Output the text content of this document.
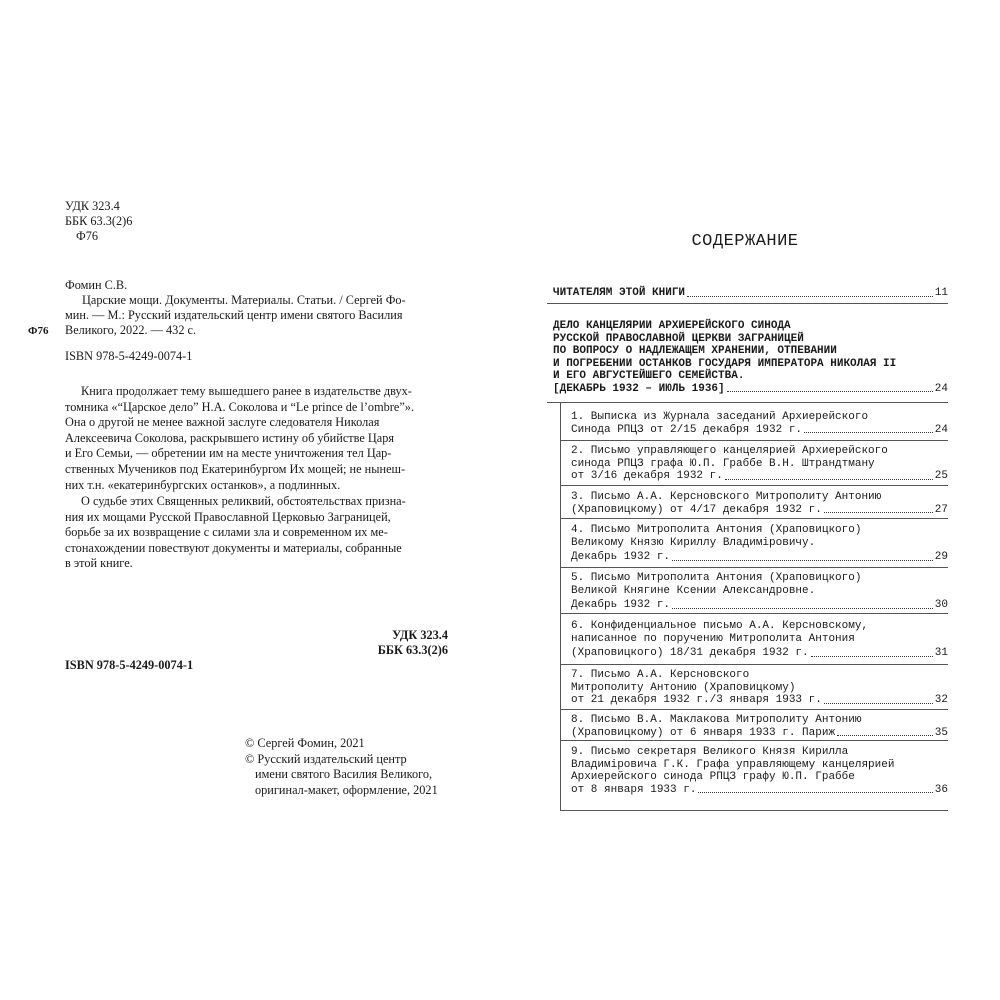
УДК 323.4
ББК 63.3(2)6
Ф76
Фомин С.В.
Царские мощи. Документы. Материалы. Статьи. / Сергей Фо-
мин. — М.: Русский издательский центр имени святого Василия
Великого, 2022. — 432 с.
Ф76
ISBN 978-5-4249-0074-1
Книга продолжает тему вышедшего ранее в издательстве двух-
томника «“Царское дело” Н.А. Соколова и “Le prince de l’ombre”».
Она о другой не менее важной заслуге следователя Николая
Алексеевича Соколова, раскрывшего истину об убийстве Царя
и Его Семьи, — обретении им на месте уничтожения тел Цар-
ственных Мучеников под Екатеринбургом Их мощей; не нынеш-
них т.н. «екатеринбургских останков», а подлинных.
О судьбе этих Священных реликвий, обстоятельствах призна-
ния их мощами Русской Православной Церковью Заграницей,
борьбе за их возвращение с силами зла и современном их ме-
стонахождении повествуют документы и материалы, собранные
в этой книге.
УДК 323.4
ББК 63.3(2)6
ISBN 978-5-4249-0074-1
© Сергей Фомин, 2021
© Русский издательский центр
имени святого Василия Великого,
оригинал-макет, оформление, 2021
СОДЕРЖАНИЕ
ЧИТАТЕЛЯМ ЭТОЙ КНИГИ	11
ДЕЛО КАНЦЕЛЯРИИ АРХИЕРЕЙСКОГО СИНОДА
РУССКОЙ ПРАВОСЛАВНОЙ ЦЕРКВИ ЗАГРАНИЦЕЙ
ПО ВОПРОСУ О НАДЛЕЖАЩЕМ ХРАНЕНИИ, ОТПЕВАНИИ
И ПОГРЕБЕНИИ ОСТАНКОВ ГОСУДАРЯ ИМПЕРАТОРА НИКОЛАЯ II
И ЕГО АВГУСТЕЙШЕГО СЕМЕЙСТВА.
[ДЕКАБРЬ 1932 – ИЮЛЬ 1936]	24
1. Выписка из Журнала заседаний Архиерейского
Синода РПЦЗ от 2/15 декабря 1932 г.	24
2. Письмо управляющего канцелярией Архиерейского
синода РПЦЗ графа Ю.П. Граббе В.Н. Штрандтману
от 3/16 декабря 1932 г.	25
3. Письмо А.А. Керсновского Митрополиту Антонию
(Храповицкому) от 4/17 декабря 1932 г.	27
4. Письмо Митрополита Антония (Храповицкого)
Великому Князю Кириллу Владимiровичу.
Декабрь 1932 г.	29
5. Письмо Митрополита Антония (Храповицкого)
Великой Княгине Ксении Александровне.
Декабрь 1932 г.	30
6. Конфиденциальное письмо А.А. Керсновскому,
написанное по поручению Митрополита Антония
(Храповицкого) 18/31 декабря 1932 г.	31
7. Письмо А.А. Керсновского
Митрополиту Антонию (Храповицкому)
от 21 декабря 1932 г./3 января 1933 г.	32
8. Письмо В.А. Маклакова Митрополиту Антонию
(Храповицкому) от 6 января 1933 г. Париж	35
9. Письмо секретаря Великого Князя Кирилла
Владимiровича Г.К. Графа управляющему канцелярией
Архиерейского синода РПЦЗ графу Ю.П. Граббе
от 8 января 1933 г.	36
